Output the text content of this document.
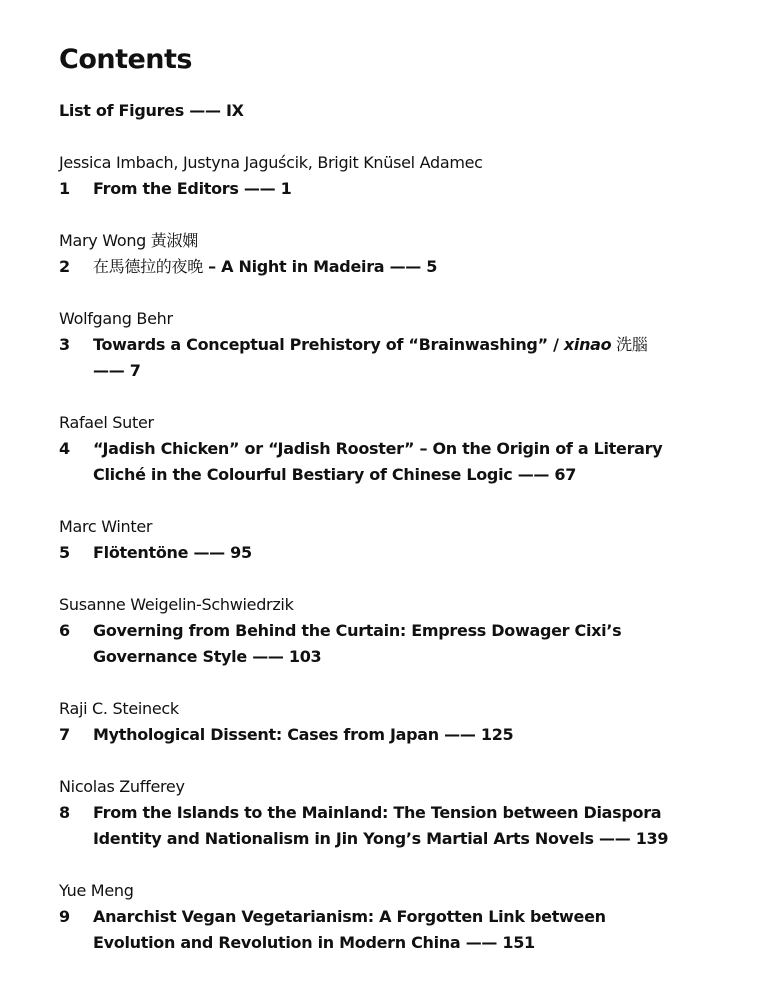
Contents
List of Figures —— IX
Jessica Imbach, Justyna Jaguścik, Brigit Knüsel Adamec
1	From the Editors —— 1
Mary Wong 黃淑嫻
2	在馬德拉的夜晚 – A Night in Madeira —— 5
Wolfgang Behr
3	Towards a Conceptual Prehistory of “Brainwashing” / xinao 洗腦 —— 7
Rafael Suter
4	“Jadish Chicken” or “Jadish Rooster” – On the Origin of a Literary Cliché in the Colourful Bestiary of Chinese Logic —— 67
Marc Winter
5	Flötentöne —— 95
Susanne Weigelin-Schwiedrzik
6	Governing from Behind the Curtain: Empress Dowager Cixi’s Governance Style —— 103
Raji C. Steineck
7	Mythological Dissent: Cases from Japan —— 125
Nicolas Zufferey
8	From the Islands to the Mainland: The Tension between Diaspora Identity and Nationalism in Jin Yong’s Martial Arts Novels —— 139
Yue Meng
9	Anarchist Vegan Vegetarianism: A Forgotten Link between Evolution and Revolution in Modern China —— 151
